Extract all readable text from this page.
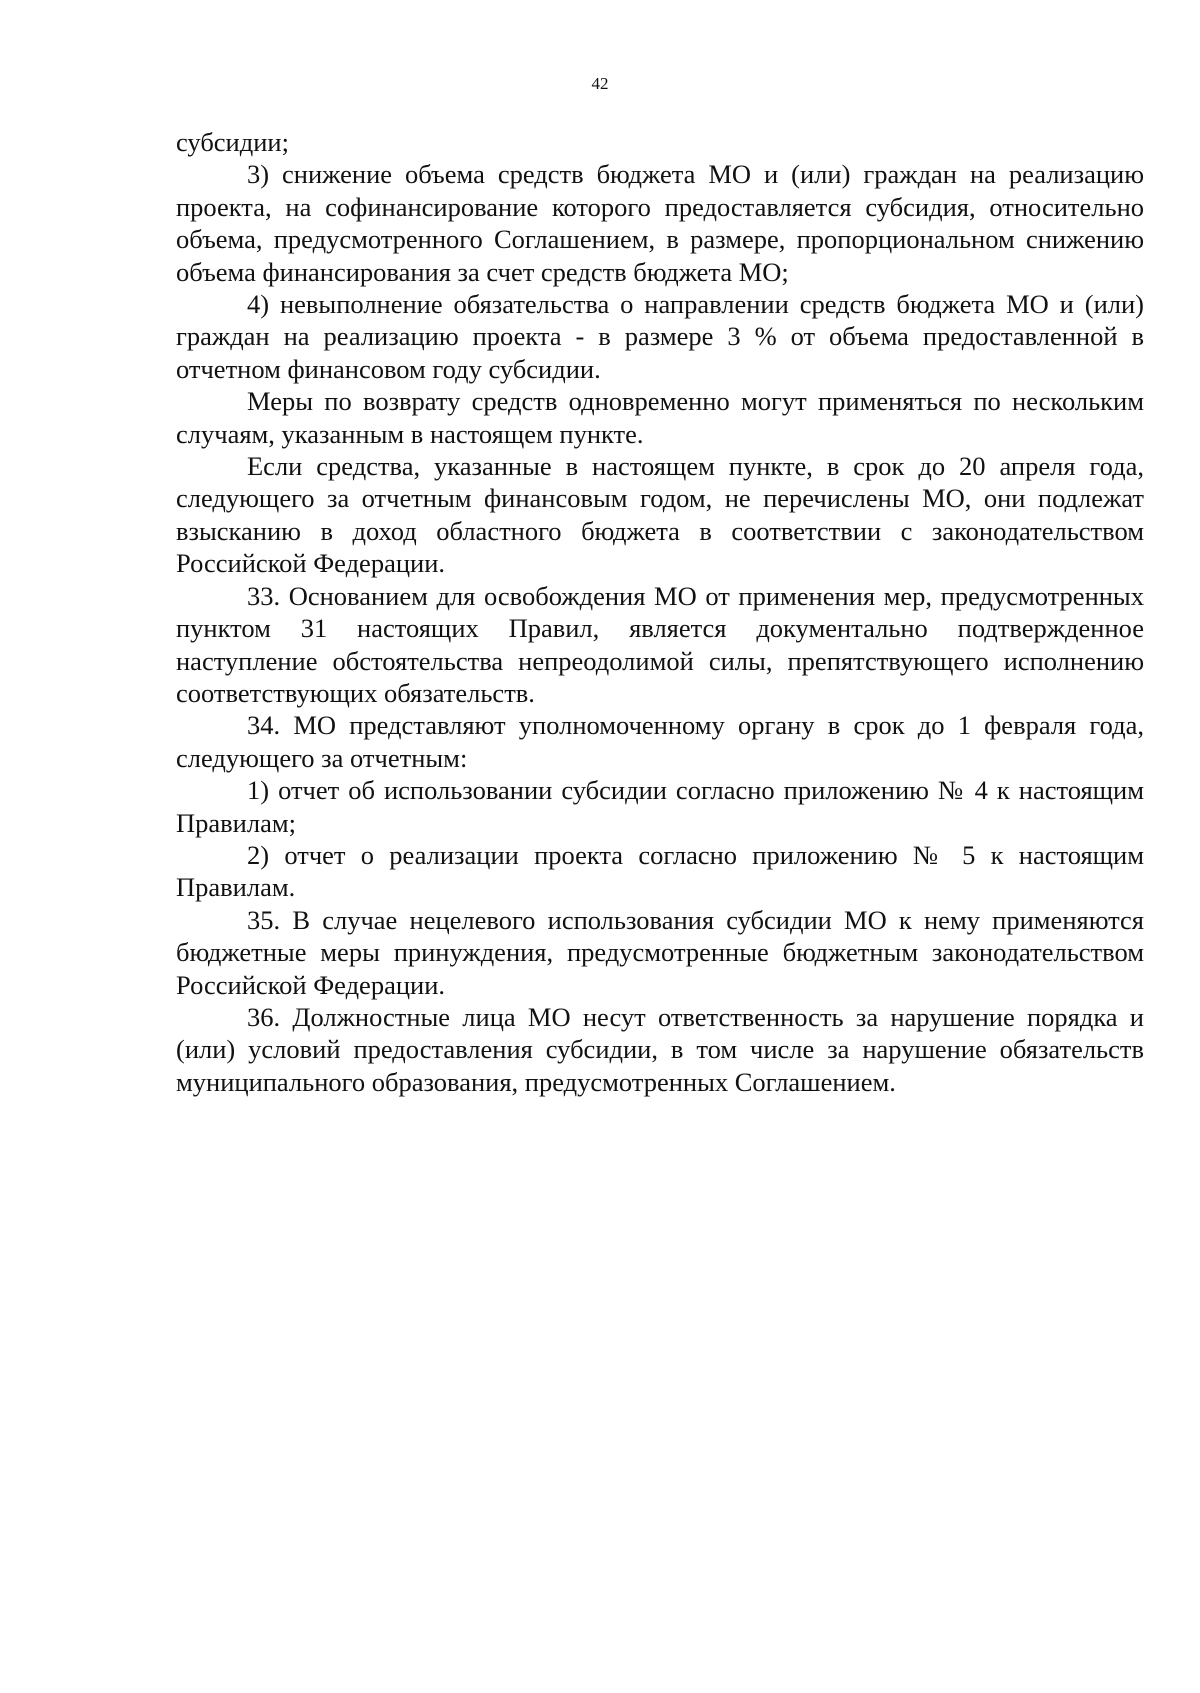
42

субсидии;

3) снижение объема средств бюджета МО и (или) граждан на реализацию проекта, на софинансирование которого предоставляется субсидия, относительно объема, предусмотренного Соглашением, в размере, пропорциональном снижению объема финансирования за счет средств бюджета МО;

4) невыполнение обязательства о направлении средств бюджета МО и (или) граждан на реализацию проекта - в размере 3 % от объема предоставленной в отчетном финансовом году субсидии.

Меры по возврату средств одновременно могут применяться по нескольким случаям, указанным в настоящем пункте.

Если средства, указанные в настоящем пункте, в срок до 20 апреля года, следующего за отчетным финансовым годом, не перечислены МО, они подлежат взысканию в доход областного бюджета в соответствии с законодательством Российской Федерации.

33. Основанием для освобождения МО от применения мер, предусмотренных пунктом 31 настоящих Правил, является документально подтвержденное наступление обстоятельства непреодолимой силы, препятствующего исполнению соответствующих обязательств.

34. МО представляют уполномоченному органу в срок до 1 февраля года, следующего за отчетным:

1) отчет об использовании субсидии согласно приложению № 4 к настоящим Правилам;

2) отчет о реализации проекта согласно приложению № 5 к настоящим Правилам.

35. В случае нецелевого использования субсидии МО к нему применяются бюджетные меры принуждения, предусмотренные бюджетным законодательством Российской Федерации.

36. Должностные лица МО несут ответственность за нарушение порядка и (или) условий предоставления субсидии, в том числе за нарушение обязательств муниципального образования, предусмотренных Соглашением.
